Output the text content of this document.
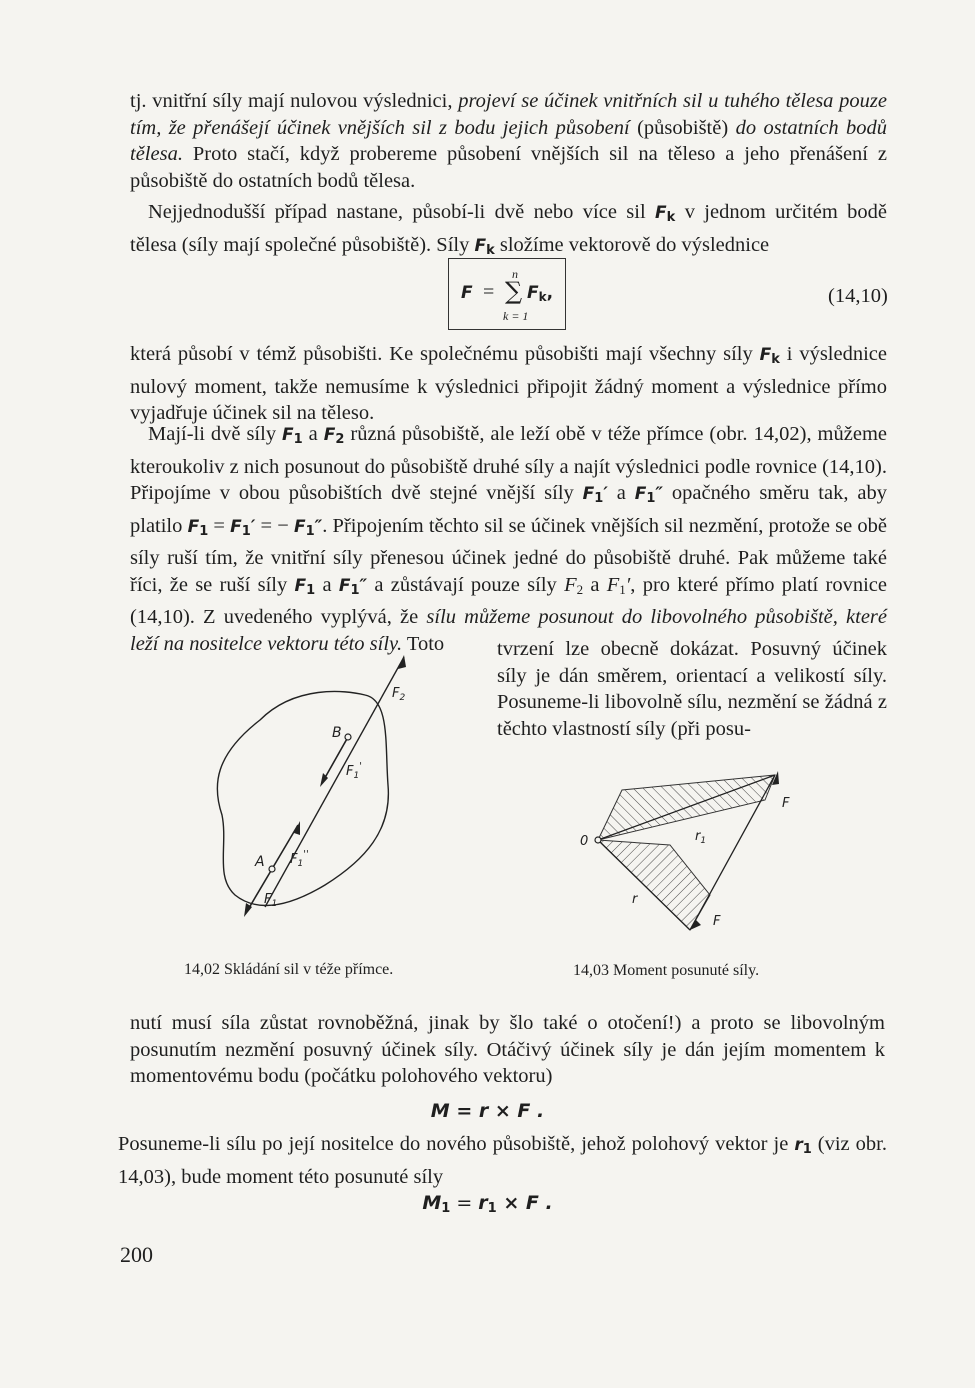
tj. vnitřní síly mají nulovou výslednici, projeví se účinek vnitřních sil u tuhého tělesa pouze tím, že přenášejí účinek vnějších sil z bodu jejich působení (působiště) do ostatních bodů tělesa. Proto stačí, když probereme působení vnějších sil na těleso a jeho přenášení z působiště do ostatních bodů tělesa.

Nejjednodušší případ nastane, působí-li dvě nebo více sil $F_k$ v jednom určitém bodě tělesa (síly mají společné působiště). Síly $F_k$ složíme vektorově do výslednice

F =
n
∑
k = 1
$F_k$,	(14,10)

která působí v témž působišti. Ke společnému působišti mají všechny síly $F_k$ i výslednice nulový moment, takže nemusíme k výslednici připojit žádný moment a výslednice přímo vyjadřuje účinek sil na těleso.

Mají-li dvě síly $F_1$ a $F_2$ různá působiště, ale leží obě v téže přímce (obr. 14,02), můžeme kteroukoliv z nich posunout do působiště druhé síly a najít výslednici podle rovnice (14,10). Připojíme v obou působištích dvě stejné vnější síly $F_1'$ a $F_1''$ opačného směru tak, aby platilo $F_1 = F_1'$ = − $F_1''$. Připojením těchto sil se účinek vnějších sil nezmění, protože se obě síly ruší tím, že vnitřní síly přenesou účinek jedné do působiště druhé. Pak můžeme také říci, že se ruší síly $F_1$ a $F_1''$ a zůstávají pouze síly $F_2$ a $F_1'$, pro které přímo platí rovnice (14,10). Z uvedeného vyplývá, že sílu můžeme posunout do libovolného působiště, které leží na nositelce vektoru této síly. Toto	tvrzení lze obecně dokázat. Posuvný účinek síly je dán směrem, orientací a velikostí síly. Posuneme-li libovolně sílu, nezmění se žádná z těchto vlastností síly (při posu-

B
A
$F_2$
$F_1'$
$F_1''$
$F_1$
14,02 Skládání sil v téže přímce.
0
F
$r_1$
r
F
14,03 Moment posunuté síly.

nutí musí síla zůstat rovnoběžná, jinak by šlo také o otočení!) a proto se libovolným posunutím nezmění posuvný účinek síly. Otáčivý účinek síly je dán jejím momentem k momentovému bodu (počátku polohového vektoru)

M = r × F .

Posuneme-li sílu po její nositelce do nového působiště, jehož polohový vektor je $r_1$ (viz obr. 14,03), bude moment této posunuté síly

$M_1 = r_1 \times F$ .
200
